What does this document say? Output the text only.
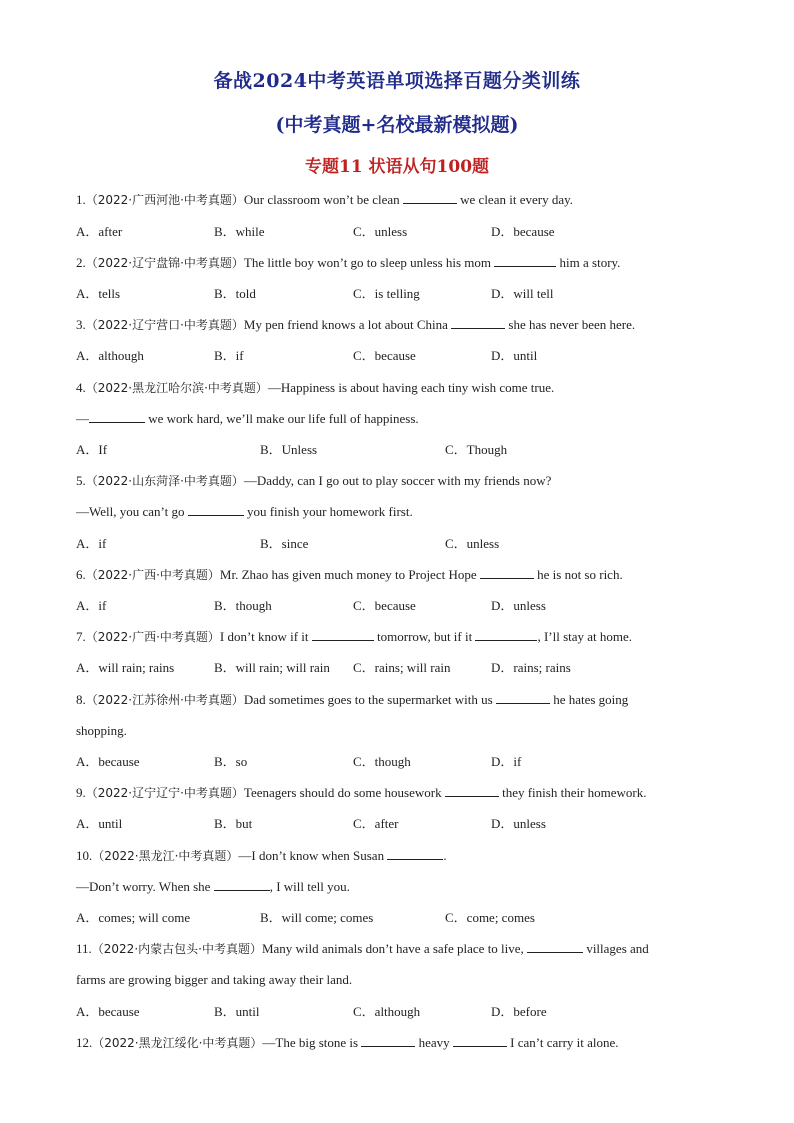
备战2024中考英语单项选择百题分类训练
(中考真题+名校最新模拟题)
专题11 状语从句100题
1.（2022·广西河池·中考真题）Our classroom won’t be clean	we clean it every day.
A．after	B．while	C．unless	D．because
2.（2022·辽宁盘锦·中考真题）The little boy won’t go to sleep unless his mom	him a story.
A．tells	B．told	C．is telling	D．will tell
3.（2022·辽宁营口·中考真题）My pen friend knows a lot about China	she has never been here.
A．although	B．if	C．because	D．until
4.（2022·黑龙江哈尔滨·中考真题）—Happiness is about having each tiny wish come true.
—	we work hard, we’ll make our life full of happiness.
A．If	B．Unless	C．Though
5.（2022·山东菏泽·中考真题）—Daddy, can I go out to play soccer with my friends now?
—Well, you can’t go	you finish your homework first.
A．if	B．since	C．unless
6.（2022·广西·中考真题）Mr. Zhao has given much money to Project Hope	he is not so rich.
A．if	B．though	C．because	D．unless
7.（2022·广西·中考真题）I don’t know if it	tomorrow, but if it	, I’ll stay at home.
A．will rain; rains	B．will rain; will rain C．rains; will rain	D．rains; rains
8.（2022·江苏徐州·中考真题）Dad sometimes goes to the supermarket with us	he hates going
shopping.
A．because	B．so	C．though	D．if
9.（2022·辽宁辽宁·中考真题）Teenagers should do some housework	they finish their homework.
A．until	B．but	C．after	D．unless
10.（2022·黑龙江·中考真题）—I don’t know when Susan	.
—Don’t worry. When she	, I will tell you.
A．comes; will come	B．will come; comes	C．come; comes
11.（2022·内蒙古包头·中考真题）Many wild animals don’t have a safe place to live,	villages and
farms are growing bigger and taking away their land.
A．because	B．until	C．although	D．before
12.（2022·黑龙江绥化·中考真题）—The big stone is	heavy	I can’t carry it alone.
